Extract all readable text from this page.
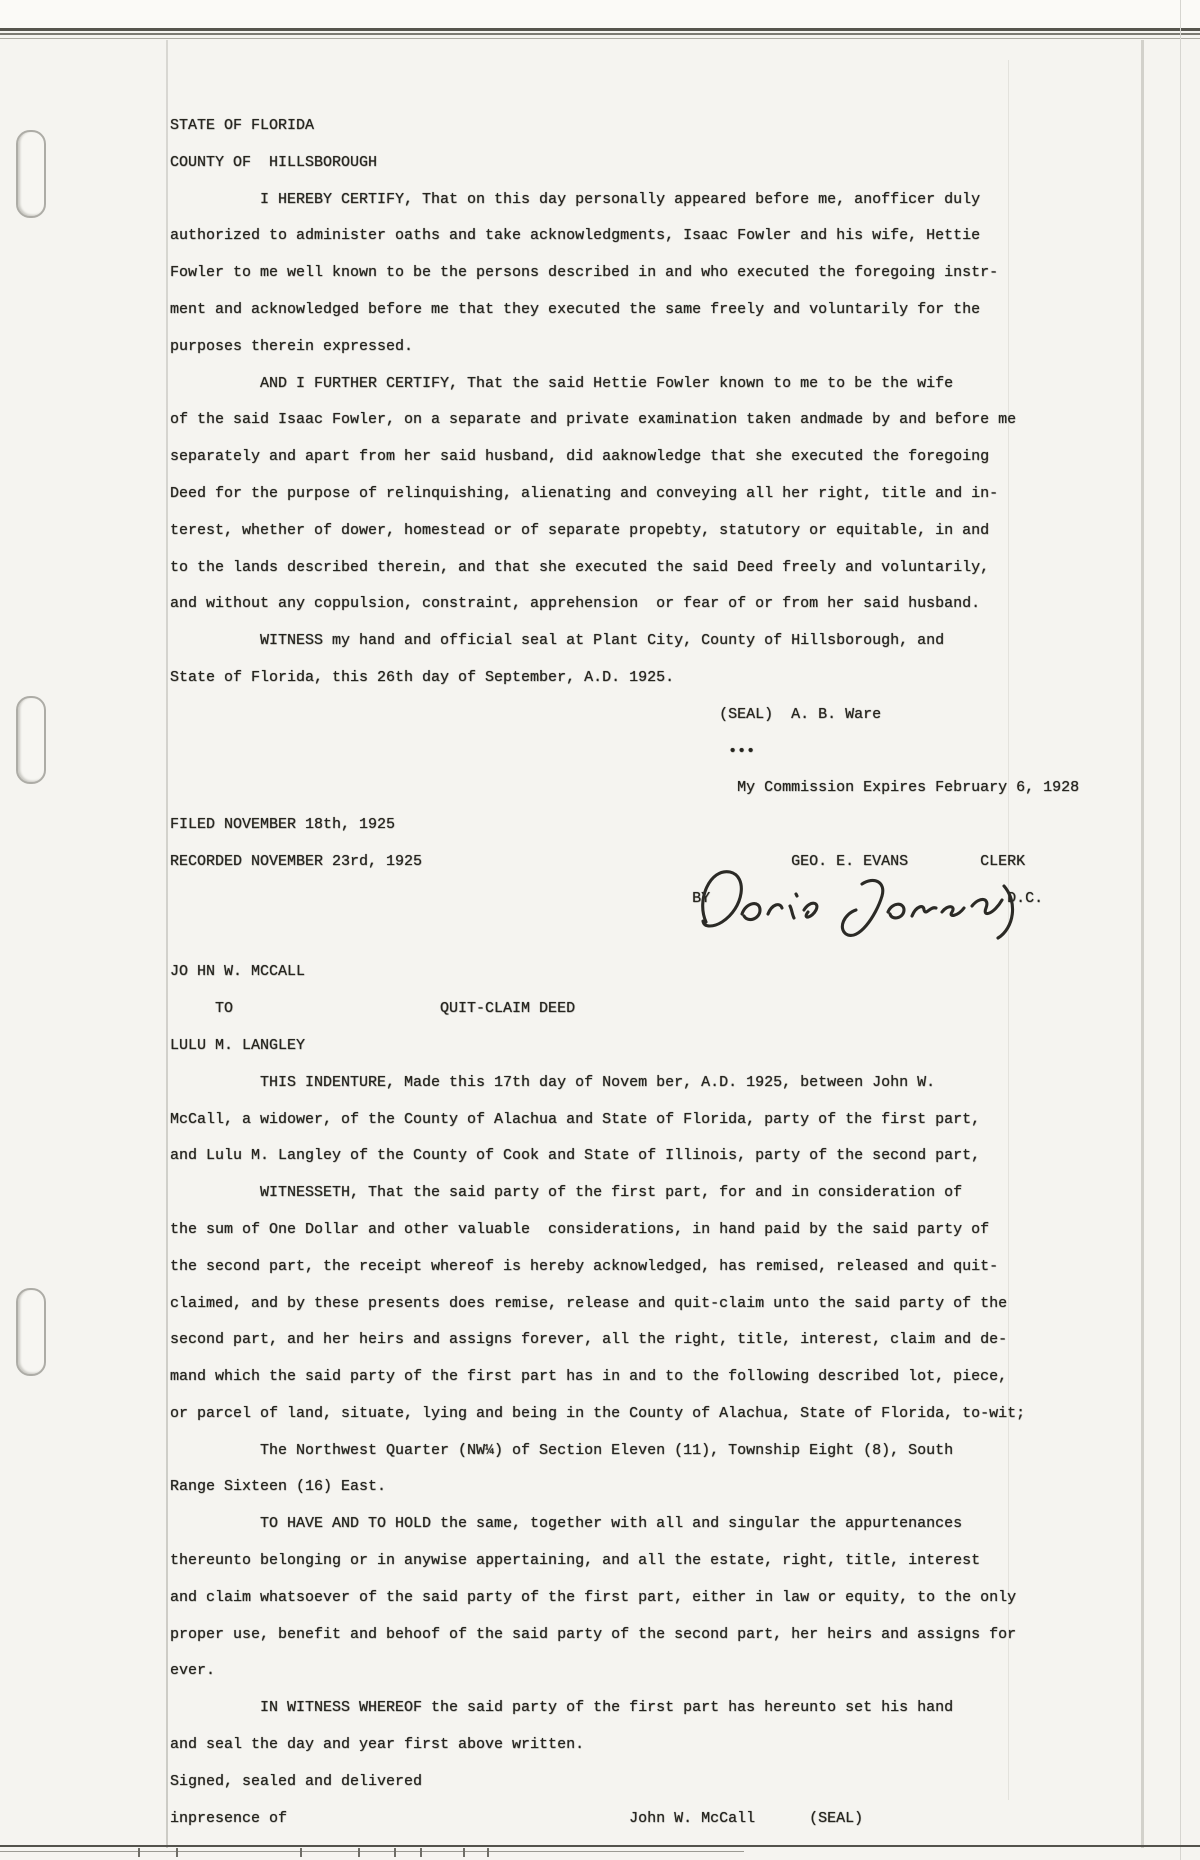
STATE OF FLORIDA
COUNTY OF  HILLSBOROUGH
I HEREBY CERTIFY, That on this day personally appeared before me, anofficer duly
authorized to administer oaths and take acknowledgments, Isaac Fowler and his wife, Hettie
Fowler to me well known to be the persons described in and who executed the foregoing instr-
ment and acknowledged before me that they executed the same freely and voluntarily for the
purposes therein expressed.
AND I FURTHER CERTIFY, That the said Hettie Fowler known to me to be the wife
of the said Isaac Fowler, on a separate and private examination taken andmade by and before me
separately and apart from her said husband, did aaknowledge that she executed the foregoing
Deed for the purpose of relinquishing, alienating and conveying all her right, title and in-
terest, whether of dower, homestead or of separate propebty, statutory or equitable, in and
to the lands described therein, and that she executed the said Deed freely and voluntarily,
and without any coppulsion, constraint, apprehension  or fear of or from her said husband.
WITNESS my hand and official seal at Plant City, County of Hillsborough, and
State of Florida, this 26th day of September, A.D. 1925.
(SEAL)  A. B. Ware
•••
My Commission Expires February 6, 1928
FILED NOVEMBER 18th, 1925
RECORDED NOVEMBER 23rd, 1925                                         GEO. E. EVANS        CLERK
BY                                 D.C.
JO HN W. MCCALL
TO                       QUIT-CLAIM DEED
LULU M. LANGLEY
THIS INDENTURE, Made this 17th day of Novem ber, A.D. 1925, between John W.
McCall, a widower, of the County of Alachua and State of Florida, party of the first part,
and Lulu M. Langley of the County of Cook and State of Illinois, party of the second part,
WITNESSETH, That the said party of the first part, for and in consideration of
the sum of One Dollar and other valuable  considerations, in hand paid by the said party of
the second part, the receipt whereof is hereby acknowledged, has remised, released and quit-
claimed, and by these presents does remise, release and quit-claim unto the said party of the
second part, and her heirs and assigns forever, all the right, title, interest, claim and de-
mand which the said party of the first part has in and to the following described lot, piece,
or parcel of land, situate, lying and being in the County of Alachua, State of Florida, to-wit;
The Northwest Quarter (NW¼) of Section Eleven (11), Township Eight (8), South
Range Sixteen (16) East.
TO HAVE AND TO HOLD the same, together with all and singular the appurtenances
thereunto belonging or in anywise appertaining, and all the estate, right, title, interest
and claim whatsoever of the said party of the first part, either in law or equity, to the only
proper use, benefit and behoof of the said party of the second part, her heirs and assigns for
ever.
IN WITNESS WHEREOF the said party of the first part has hereunto set his hand
and seal the day and year first above written.
Signed, sealed and delivered
inpresence of                                      John W. McCall      (SEAL)
